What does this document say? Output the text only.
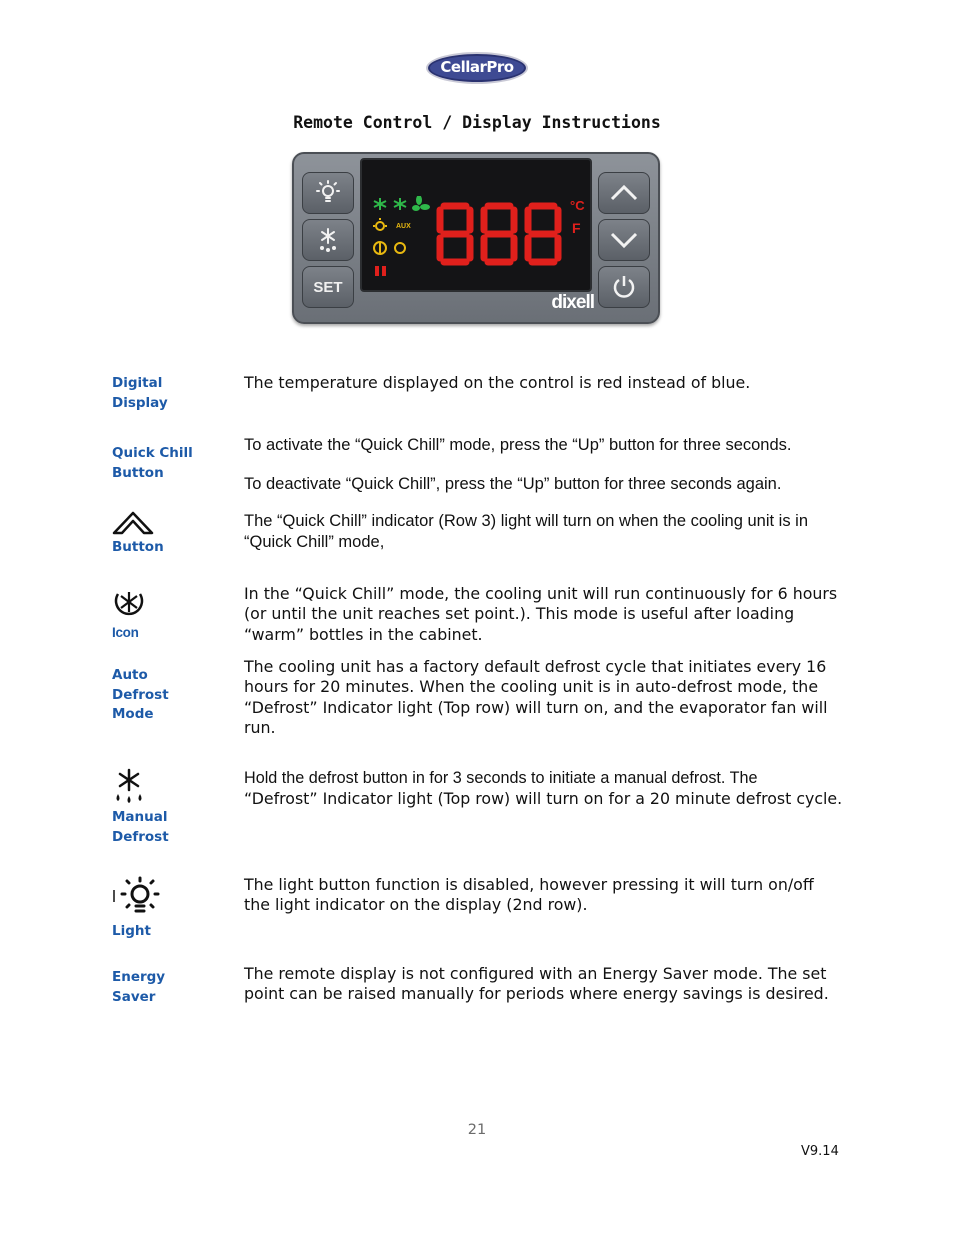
CellarPro
Remote Control / Display Instructions
SET
AUX
°C
F
dixell
Digital
Display
The temperature displayed on the control is red instead of blue.
Quick Chill
Button
To activate the “Quick Chill” mode, press the “Up” button for three seconds.
To deactivate “Quick Chill”, press the “Up” button for three seconds again.
Button
The “Quick Chill” indicator (Row 3) light will turn on when the cooling unit is in “Quick Chill” mode,
Icon
In the “Quick Chill” mode, the cooling unit will run continuously for 6 hours (or until the unit reaches set point.). This mode is useful after loading “warm” bottles in the cabinet.
Auto
Defrost
Mode
The cooling unit has a factory default defrost cycle that initiates every 16 hours for 20 minutes. When the cooling unit is in auto-defrost mode, the “Defrost” Indicator light (Top row) will turn on, and the evaporator fan will run.
Manual
Defrost
Hold the defrost button in for 3 seconds to initiate a manual defrost. The
“Defrost” Indicator light (Top row) will turn on for a 20 minute defrost cycle.
Light
The light button function is disabled, however pressing it will turn on/off the light indicator on the display (2nd row).
Energy
Saver
The remote display is not configured with an Energy Saver mode. The set point can be raised manually for periods where energy savings is desired.
21
V9.14
